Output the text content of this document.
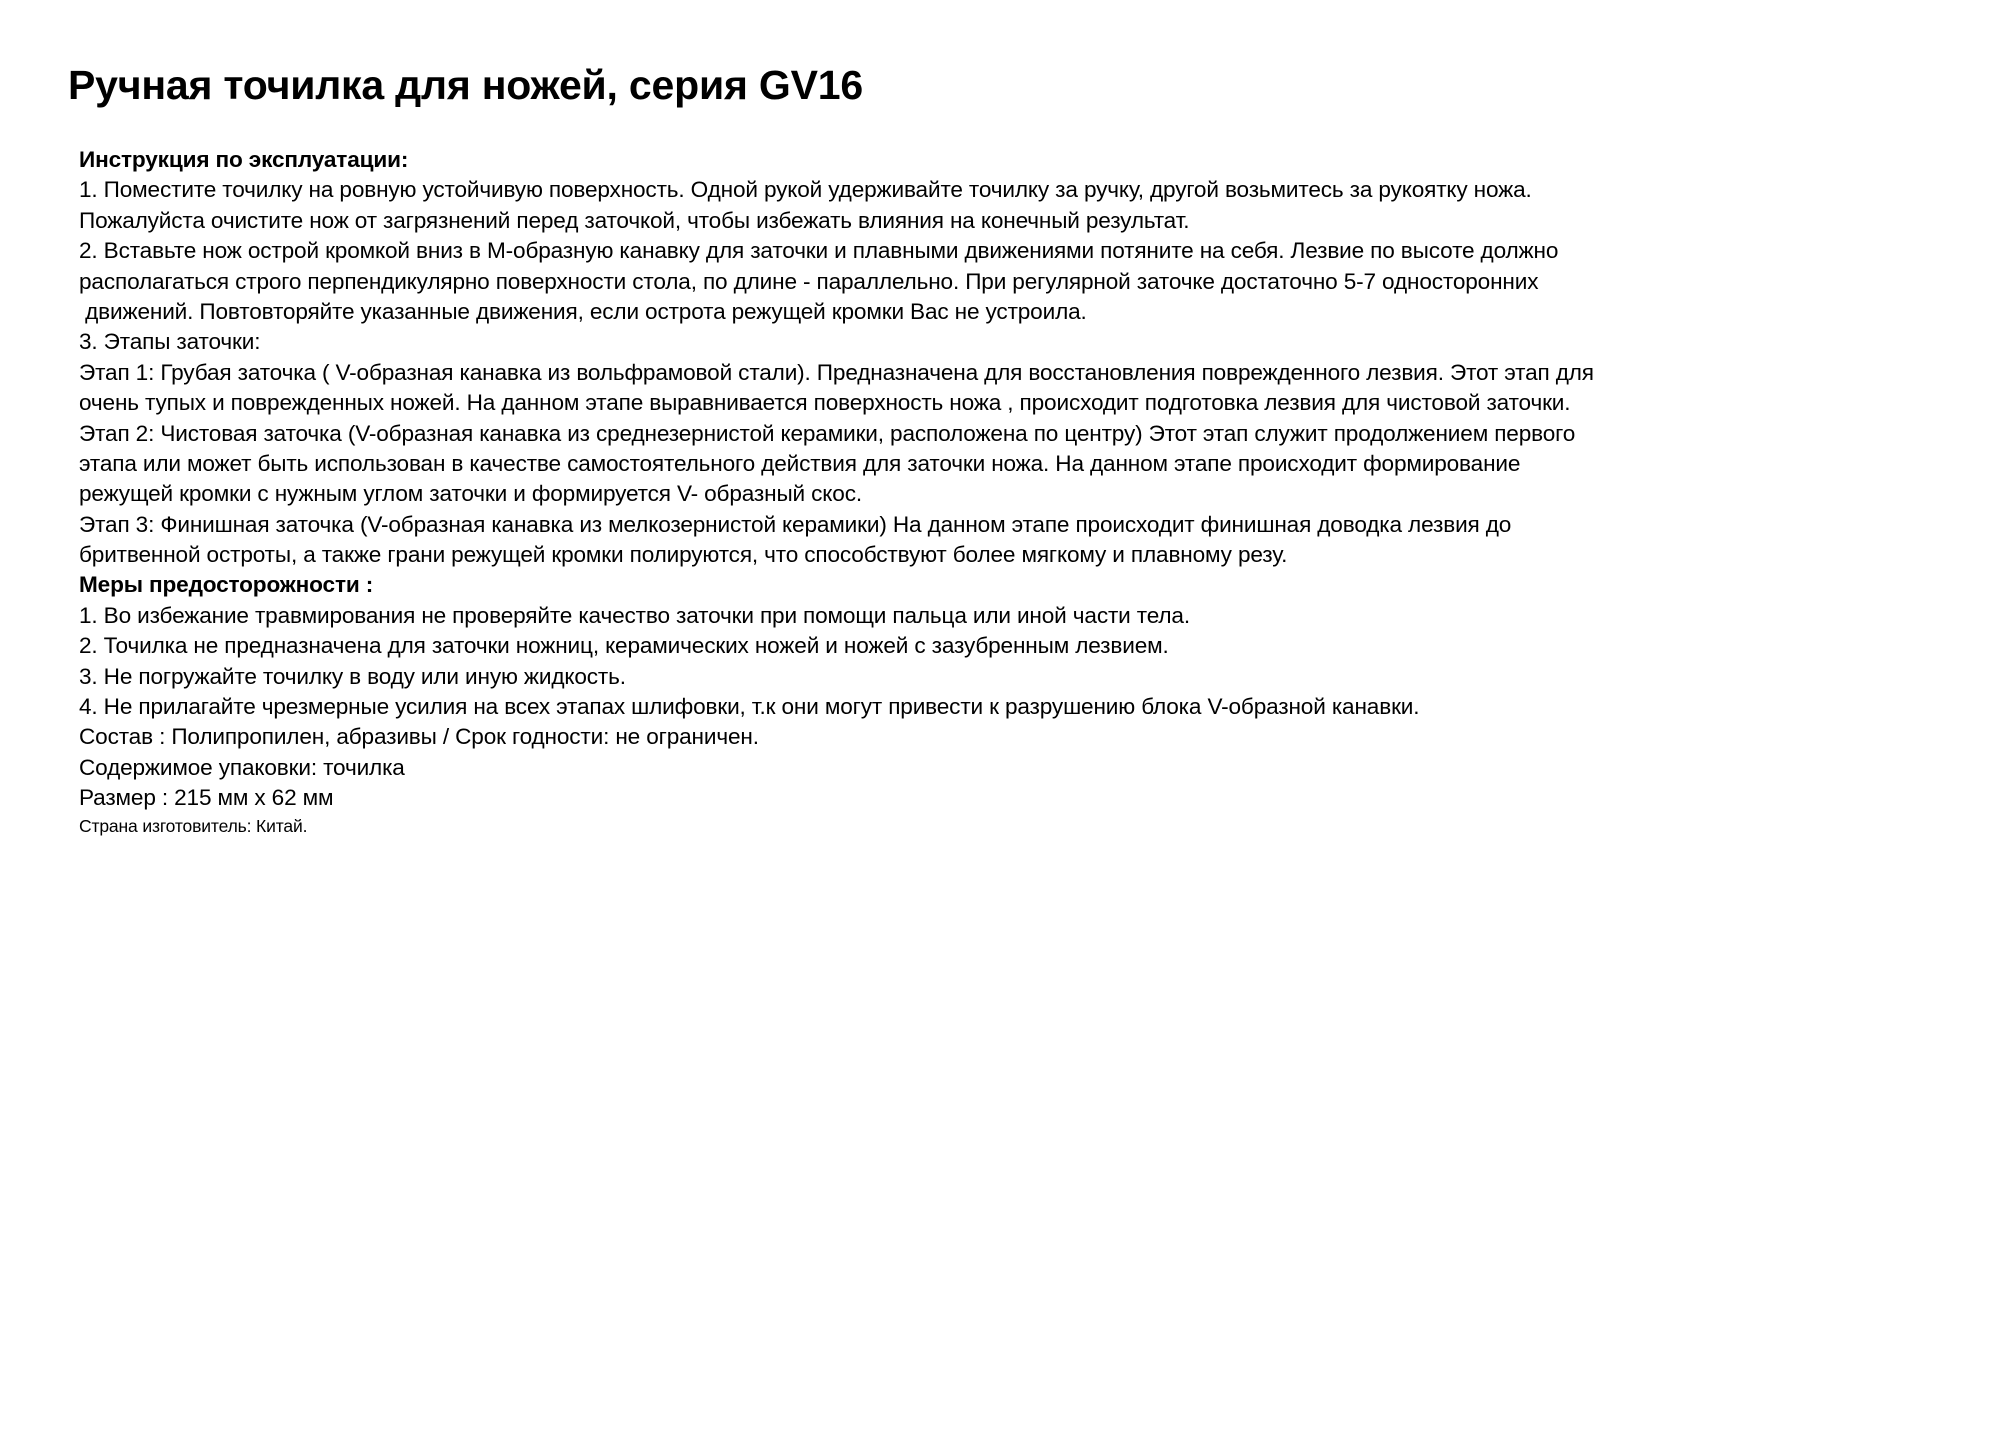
Ручная точилка для ножей, серия GV16
Инструкция по эксплуатации:
1. Поместите точилку на ровную устойчивую поверхность. Одной рукой удерживайте точилку за ручку, другой возьмитесь за рукоятку ножа.
Пожалуйста очистите нож от загрязнений перед заточкой, чтобы избежать влияния на конечный результат.
2. Вставьте нож острой кромкой вниз в М-образную канавку для заточки и плавными движениями потяните на себя. Лезвие по высоте должно
располагаться строго перпендикулярно поверхности стола, по длине - параллельно. При регулярной заточке достаточно 5-7 односторонних
движений. Повтовторяйте указанные движения, если острота режущей кромки Вас не устроила.
3. Этапы заточки:
Этап 1: Грубая заточка ( V-образная канавка из вольфрамовой стали). Предназначена для восстановления поврежденного лезвия. Этот этап для
очень тупых и поврежденных ножей. На данном этапе выравнивается поверхность ножа , происходит подготовка лезвия для чистовой заточки.
Этап 2: Чистовая заточка (V-образная канавка из среднезернистой керамики, расположена по центру) Этот этап служит продолжением первого
этапа или может быть использован в качестве самостоятельного действия для заточки ножа. На данном этапе происходит формирование
режущей кромки с нужным углом заточки и формируется V- образный скос.
Этап 3: Финишная заточка (V-образная канавка из мелкозернистой керамики) На данном этапе происходит финишная доводка лезвия до
бритвенной остроты, а также грани режущей кромки полируются, что способствуют более мягкому и плавному резу.
Меры предосторожности :
1. Во избежание травмирования не проверяйте качество заточки при помощи пальца или иной части тела.
2. Точилка не предназначена для заточки ножниц, керамических ножей и ножей с зазубренным лезвием.
3. Не погружайте точилку в воду или иную жидкость.
4. Не прилагайте чрезмерные усилия на всех этапах шлифовки, т.к они могут привести к разрушению блока V-образной канавки.
Состав : Полипропилен, абразивы / Срок годности: не ограничен.
Содержимое упаковки: точилка
Размер : 215 мм x 62 мм
Страна изготовитель: Китай.
